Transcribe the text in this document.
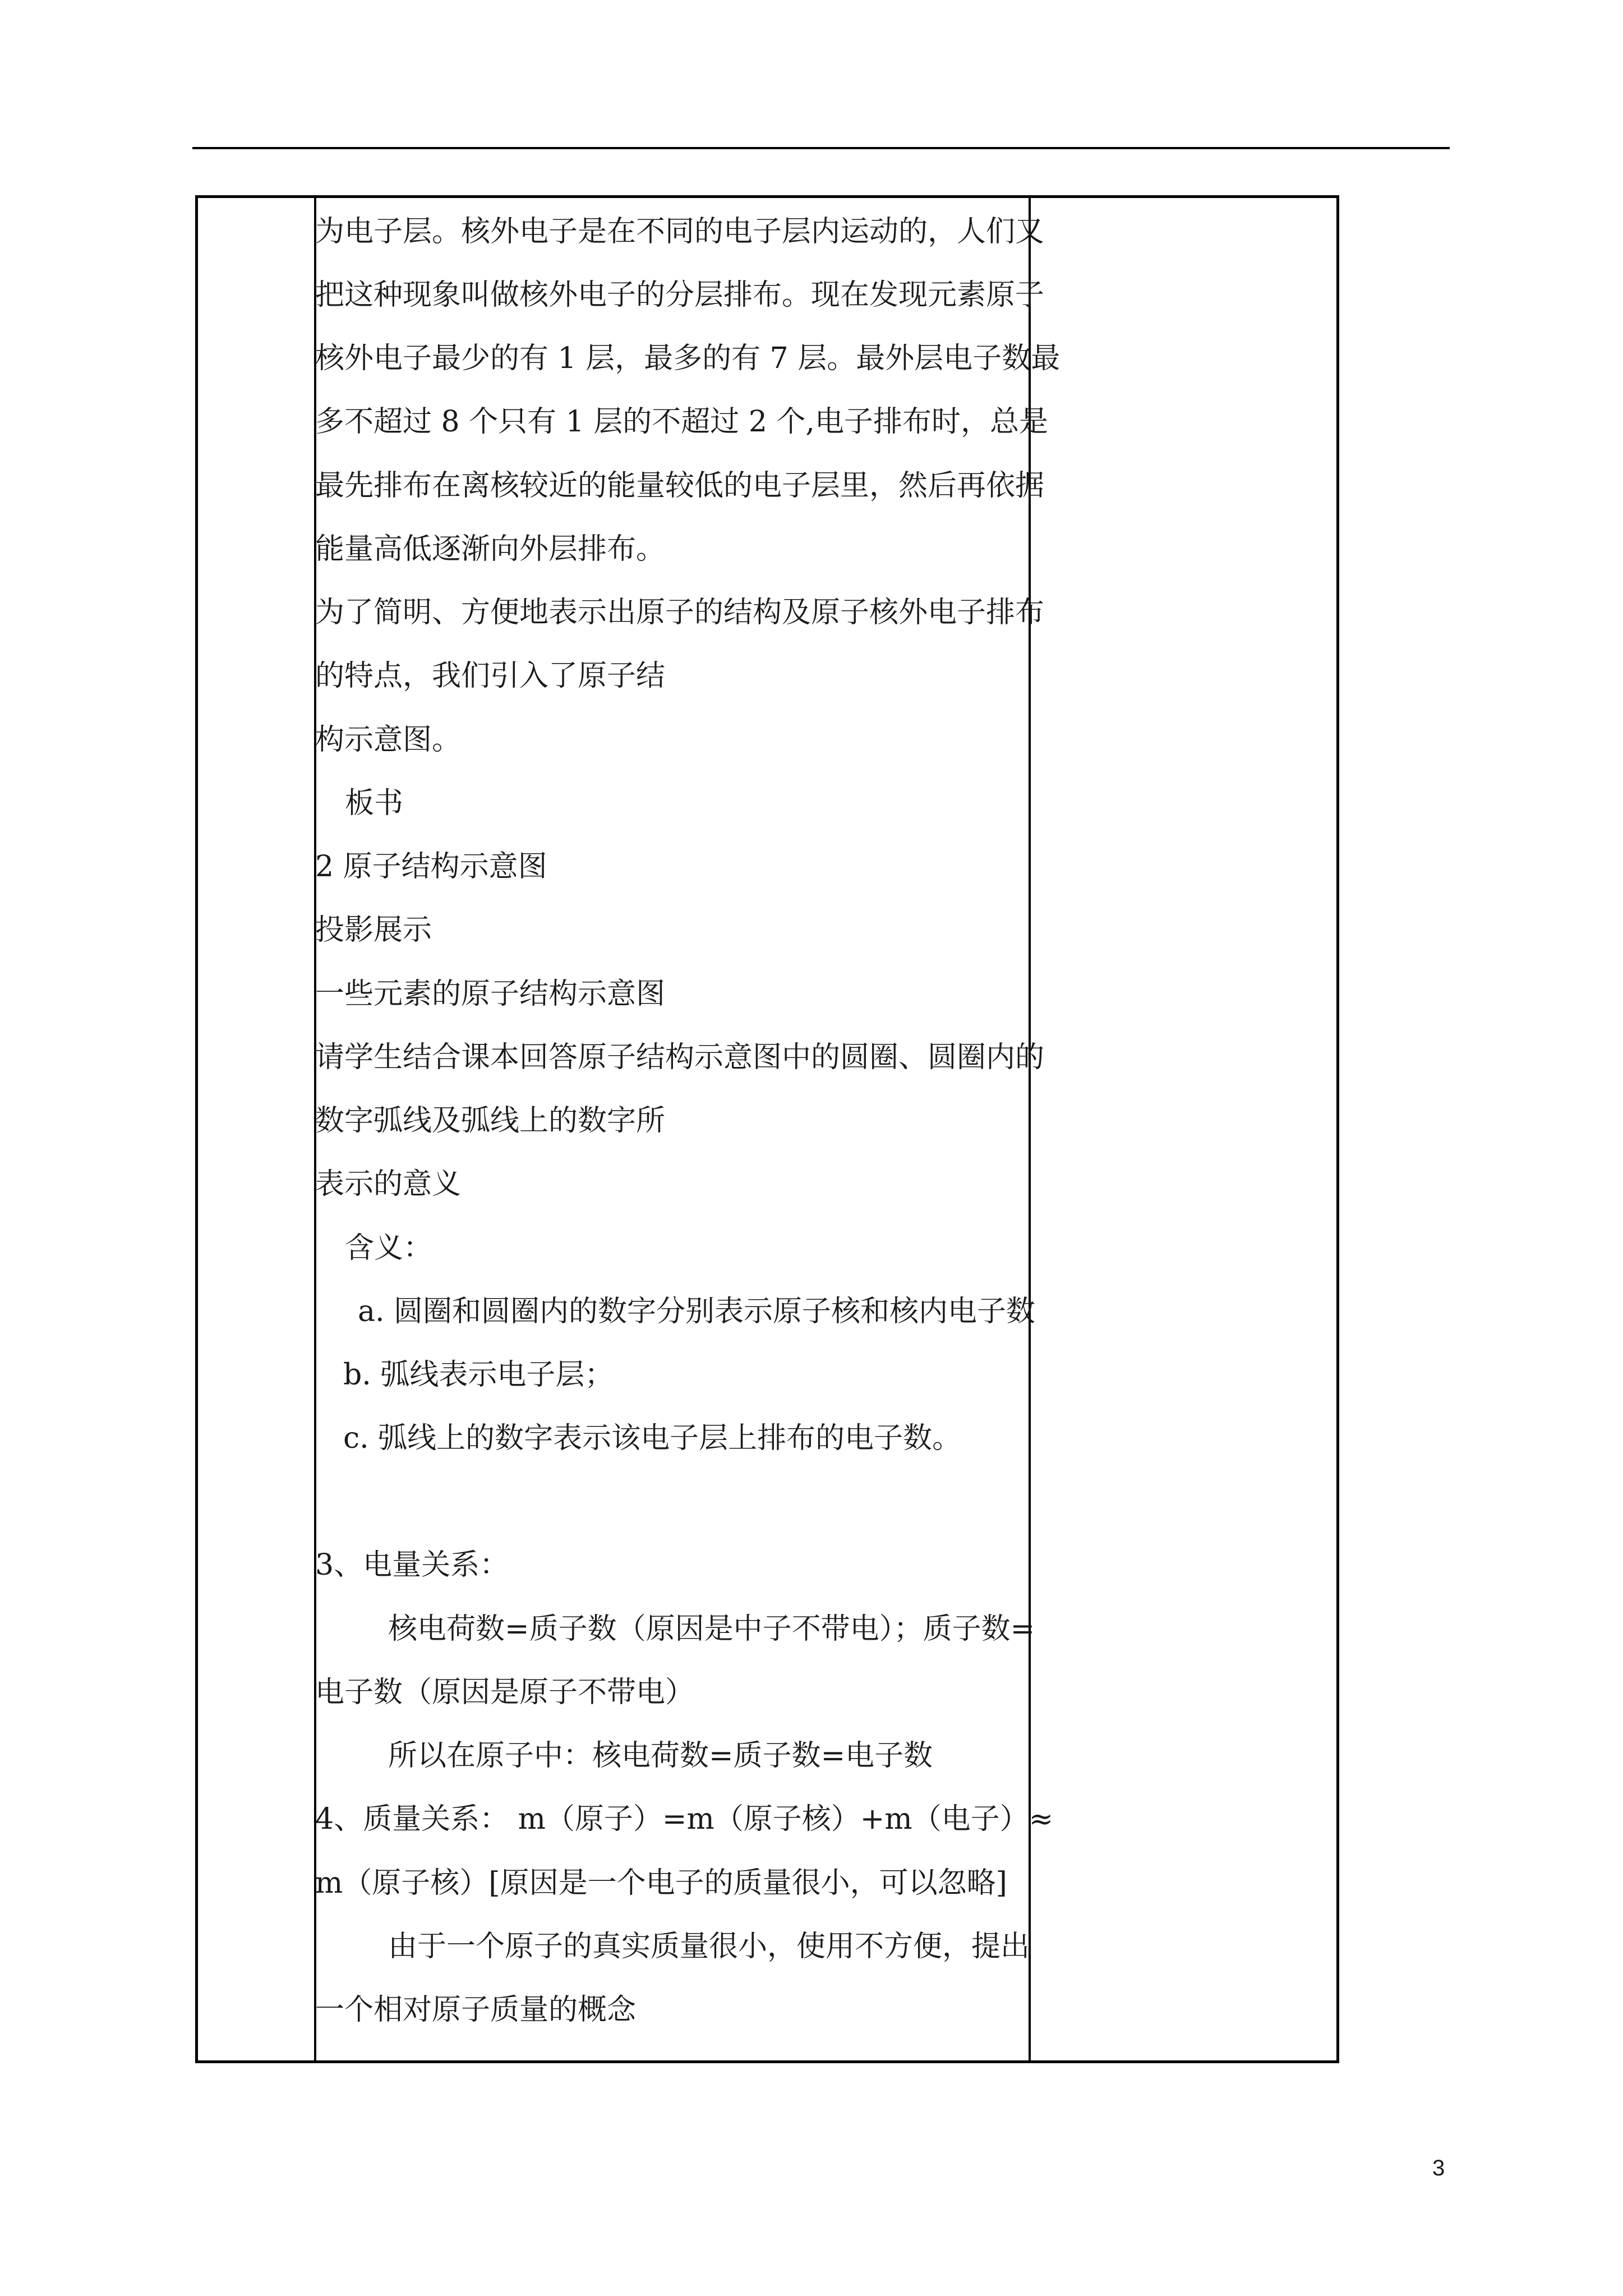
为电子层。核外电子是在不同的电子层内运动的，人们又
把这种现象叫做核外电子的分层排布。现在发现元素原子
核外电子最少的有 1 层，最多的有 7 层。最外层电子数最
多不超过 8 个只有 1 层的不超过 2 个,电子排布时，总是
最先排布在离核较近的能量较低的电子层里，然后再依据
能量高低逐渐向外层排布。
为了简明、方便地表示出原子的结构及原子核外电子排布
的特点，我们引入了原子结
构示意图。
板书
2 原子结构示意图
投影展示
一些元素的原子结构示意图
请学生结合课本回答原子结构示意图中的圆圈、圆圈内的
数字弧线及弧线上的数字所
表示的意义
含义：
a. 圆圈和圆圈内的数字分别表示原子核和核内电子数
b. 弧线表示电子层；
c. 弧线上的数字表示该电子层上排布的电子数。
3、电量关系：
核电荷数=质子数（原因是中子不带电）；质子数=
电子数（原因是原子不带电）
所以在原子中：核电荷数=质子数=电子数
4、质量关系： m（原子）=m（原子核）+m（电子）≈
m（原子核）[原因是一个电子的质量很小，可以忽略]
由于一个原子的真实质量很小，使用不方便，提出
一个相对原子质量的概念
3
